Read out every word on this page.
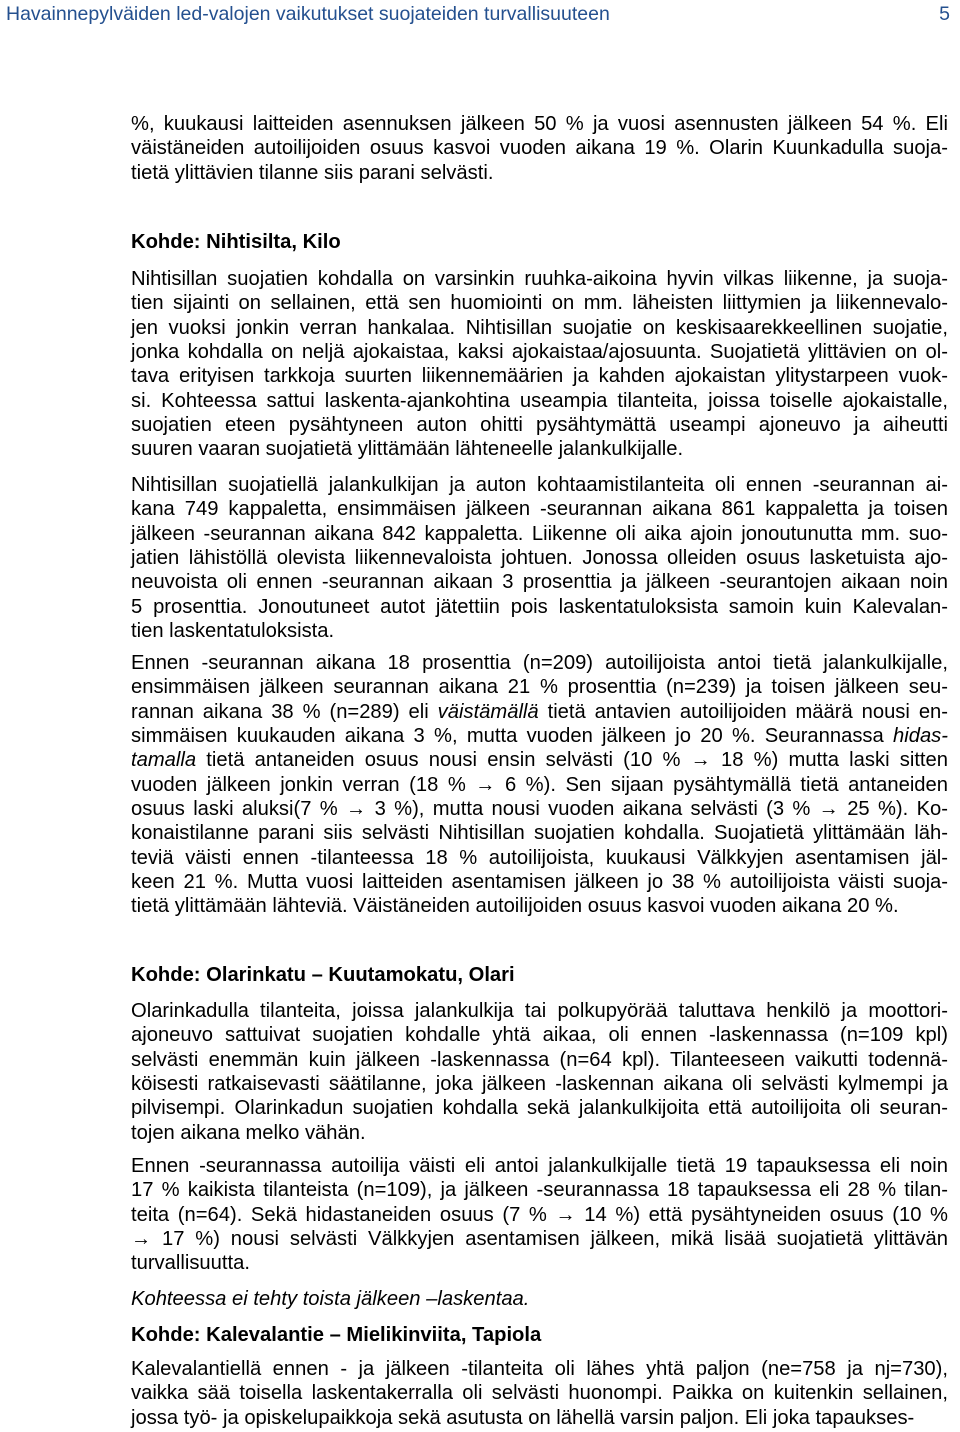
Havainnepylväiden led-valojen vaikutukset suojateiden turvallisuuteen	5
%, kuukausi laitteiden asennuksen jälkeen 50 % ja vuosi asennusten jälkeen 54 %. Eli
väistäneiden autoilijoiden osuus kasvoi vuoden aikana 19 %. Olarin Kuunkadulla suoja-
tietä ylittävien tilanne siis parani selvästi.
Kohde: Nihtisilta, Kilo
Nihtisillan suojatien kohdalla on varsinkin ruuhka-aikoina hyvin vilkas liikenne, ja suoja-
tien sijainti on sellainen, että sen huomiointi on mm. läheisten liittymien ja liikennevalo-
jen vuoksi jonkin verran hankalaa. Nihtisillan suojatie on keskisaarekkeellinen suojatie,
jonka kohdalla on neljä ajokaistaa, kaksi ajokaistaa/ajosuunta. Suojatietä ylittävien on ol-
tava erityisen tarkkoja suurten liikennemäärien ja kahden ajokaistan ylitystarpeen vuok-
si. Kohteessa sattui laskenta-ajankohtina useampia tilanteita, joissa toiselle ajokaistalle,
suojatien eteen pysähtyneen auton ohitti pysähtymättä useampi ajoneuvo ja aiheutti
suuren vaaran suojatietä ylittämään lähteneelle jalankulkijalle.
Nihtisillan suojatiellä jalankulkijan ja auton kohtaamistilanteita oli ennen -seurannan ai-
kana 749 kappaletta, ensimmäisen jälkeen -seurannan aikana 861 kappaletta ja toisen
jälkeen -seurannan aikana 842 kappaletta. Liikenne oli aika ajoin jonoutunutta mm. suo-
jatien lähistöllä olevista liikennevaloista johtuen. Jonossa olleiden osuus lasketuista ajo-
neuvoista oli ennen -seurannan aikaan 3 prosenttia ja jälkeen -seurantojen aikaan noin
5 prosenttia. Jonoutuneet autot jätettiin pois laskentatuloksista samoin kuin Kalevalan-
tien laskentatuloksista.
Ennen -seurannan aikana 18 prosenttia (n=209) autoilijoista antoi tietä jalankulkijalle,
ensimmäisen jälkeen seurannan aikana 21 % prosenttia (n=239) ja toisen jälkeen seu-
rannan aikana 38 % (n=289) eli väistämällä tietä antavien autoilijoiden määrä nousi en-
simmäisen kuukauden aikana 3 %, mutta vuoden jälkeen jo 20 %. Seurannassa hidas-
tamalla tietä antaneiden osuus nousi ensin selvästi (10 % → 18 %) mutta laski sitten
vuoden jälkeen jonkin verran (18 % → 6 %). Sen sijaan pysähtymällä tietä antaneiden
osuus laski aluksi(7 % → 3 %), mutta nousi vuoden aikana selvästi (3 % → 25 %). Ko-
konaistilanne parani siis selvästi Nihtisillan suojatien kohdalla. Suojatietä ylittämään läh-
teviä väisti ennen -tilanteessa 18 % autoilijoista, kuukausi Välkkyjen asentamisen jäl-
keen 21 %. Mutta vuosi laitteiden asentamisen jälkeen jo 38 % autoilijoista väisti suoja-
tietä ylittämään lähteviä. Väistäneiden autoilijoiden osuus kasvoi vuoden aikana 20 %.
Kohde: Olarinkatu – Kuutamokatu, Olari
Olarinkadulla tilanteita, joissa jalankulkija tai polkupyörää taluttava henkilö ja moottori-
ajoneuvo sattuivat suojatien kohdalle yhtä aikaa, oli ennen -laskennassa (n=109 kpl)
selvästi enemmän kuin jälkeen -laskennassa (n=64 kpl). Tilanteeseen vaikutti todennä-
köisesti ratkaisevasti säätilanne, joka jälkeen -laskennan aikana oli selvästi kylmempi ja
pilvisempi. Olarinkadun suojatien kohdalla sekä jalankulkijoita että autoilijoita oli seuran-
tojen aikana melko vähän.
Ennen -seurannassa autoilija väisti eli antoi jalankulkijalle tietä 19 tapauksessa eli noin
17 % kaikista tilanteista (n=109), ja jälkeen -seurannassa 18 tapauksessa eli 28 % tilan-
teita (n=64). Sekä hidastaneiden osuus (7 % → 14 %) että pysähtyneiden osuus (10 %
→ 17 %) nousi selvästi Välkkyjen asentamisen jälkeen, mikä lisää suojatietä ylittävän
turvallisuutta.
Kohteessa ei tehty toista jälkeen –laskentaa.
Kohde: Kalevalantie – Mielikinviita, Tapiola
Kalevalantiellä ennen - ja jälkeen -tilanteita oli lähes yhtä paljon (ne=758 ja nj=730),
vaikka sää toisella laskentakerralla oli selvästi huonompi. Paikka on kuitenkin sellainen,
jossa työ- ja opiskelupaikkoja sekä asutusta on lähellä varsin paljon. Eli joka tapaukses-
